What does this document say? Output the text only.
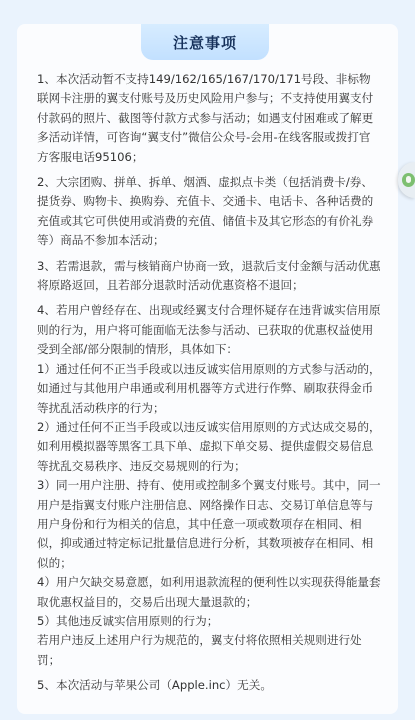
注意事项

1、本次活动暂不支持149/162/165/167/170/171号段、非标物联网卡注册的翼支付账号及历史风险用户参与；不支持使用翼支付付款码的照片、截图等付款方式参与活动；如遇支付困难或了解更多活动详情，可咨询“翼支付”微信公众号-会用-在线客服或拨打官方客服电话95106；

2、大宗团购、拼单、拆单、烟酒、虚拟点卡类（包括消费卡/券、提货券、购物卡、换购券、充值卡、交通卡、电话卡、各种话费的充值或其它可供使用或消费的充值、储值卡及其它形态的有价礼券等）商品不参加本活动；

3、若需退款，需与核销商户协商一致，退款后支付金额与活动优惠将原路返回，且若部分退款时活动优惠资格不退回；

4、若用户曾经存在、出现或经翼支付合理怀疑存在违背诚实信用原则的行为，用户将可能面临无法参与活动、已获取的优惠权益使用受到全部/部分限制的情形，具体如下：

1）通过任何不正当手段或以违反诚实信用原则的方式参与活动的，如通过与其他用户串通或利用机器等方式进行作弊、刷取获得金币等扰乱活动秩序的行为；

2）通过任何不正当手段或以违反诚实信用原则的方式达成交易的，如利用模拟器等黑客工具下单、虚拟下单交易、提供虚假交易信息等扰乱交易秩序、违反交易规则的行为；

3）同一用户注册、持有、使用或控制多个翼支付账号。其中，同一用户是指翼支付账户注册信息、网络操作日志、交易订单信息等与用户身份和行为相关的信息，其中任意一项或数项存在相同、相似，抑或通过特定标记批量信息进行分析，其数项被存在相同、相似的；

4）用户欠缺交易意愿，如利用退款流程的便利性以实现获得能量套取优惠权益目的，交易后出现大量退款的；

5）其他违反诚实信用原则的行为；

若用户违反上述用户行为规范的，翼支付将依照相关规则进行处罚；

5、本次活动与苹果公司（Apple.inc）无关。
